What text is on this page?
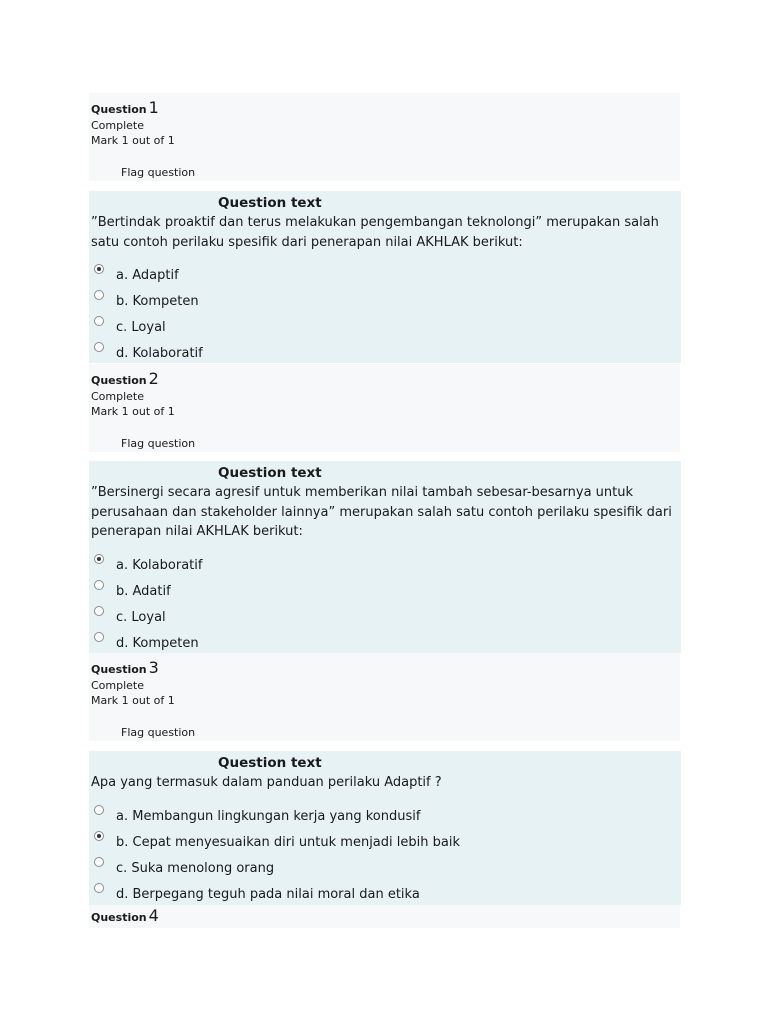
Question 1
Complete
Mark 1 out of 1
Flag question
Question text

”Bertindak proaktif dan terus melakukan pengembangan teknolongi” merupakan salah satu contoh perilaku spesifik dari penerapan nilai AKHLAK berikut:

a. Adaptif
b. Kompeten
c. Loyal
d. Kolaboratif
Question 2
Complete
Mark 1 out of 1
Flag question
Question text

”Bersinergi secara agresif untuk memberikan nilai tambah sebesar-besarnya untuk perusahaan dan stakeholder lainnya” merupakan salah satu contoh perilaku spesifik dari penerapan nilai AKHLAK berikut:

a. Kolaboratif
b. Adatif
c. Loyal
d. Kompeten
Question 3
Complete
Mark 1 out of 1
Flag question
Question text

Apa yang termasuk dalam panduan perilaku Adaptif ?

a. Membangun lingkungan kerja yang kondusif
b. Cepat menyesuaikan diri untuk menjadi lebih baik
c. Suka menolong orang
d. Berpegang teguh pada nilai moral dan etika
Question 4
